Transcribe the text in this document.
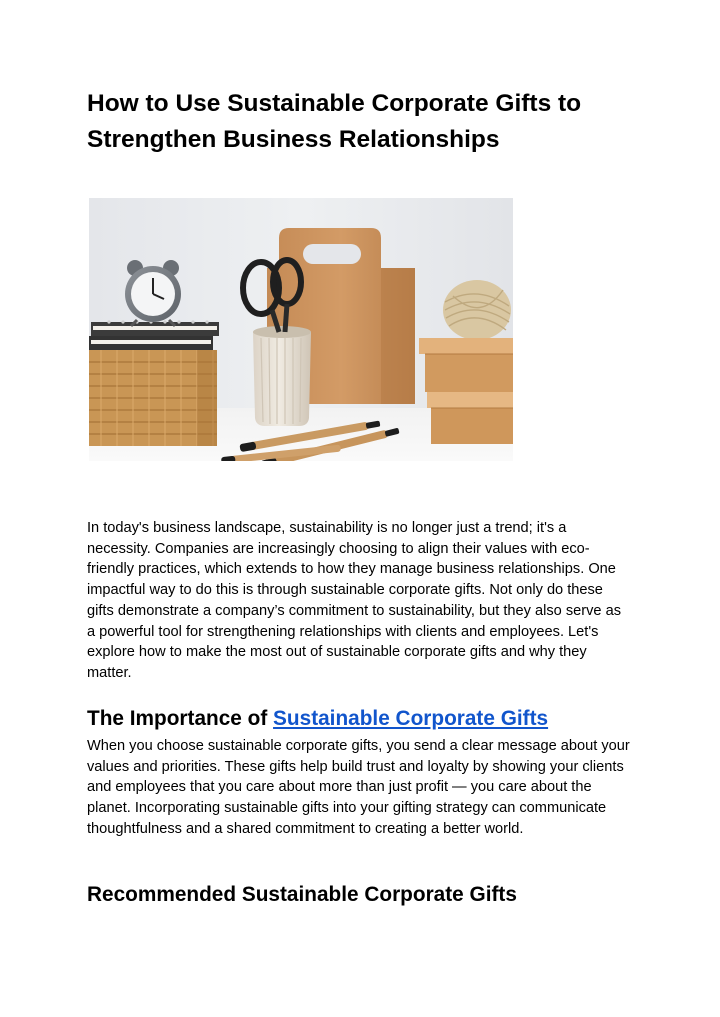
How to Use Sustainable Corporate Gifts to Strengthen Business Relationships

In today's business landscape, sustainability is no longer just a trend; it's a necessity. Companies are increasingly choosing to align their values with eco-friendly practices, which extends to how they manage business relationships. One impactful way to do this is through sustainable corporate gifts. Not only do these gifts demonstrate a company’s commitment to sustainability, but they also serve as a powerful tool for strengthening relationships with clients and employees. Let's explore how to make the most out of sustainable corporate gifts and why they matter.

The Importance of Sustainable Corporate Gifts

When you choose sustainable corporate gifts, you send a clear message about your values and priorities. These gifts help build trust and loyalty by showing your clients and employees that you care about more than just profit — you care about the planet. Incorporating sustainable gifts into your gifting strategy can communicate thoughtfulness and a shared commitment to creating a better world.

Recommended Sustainable Corporate Gifts
